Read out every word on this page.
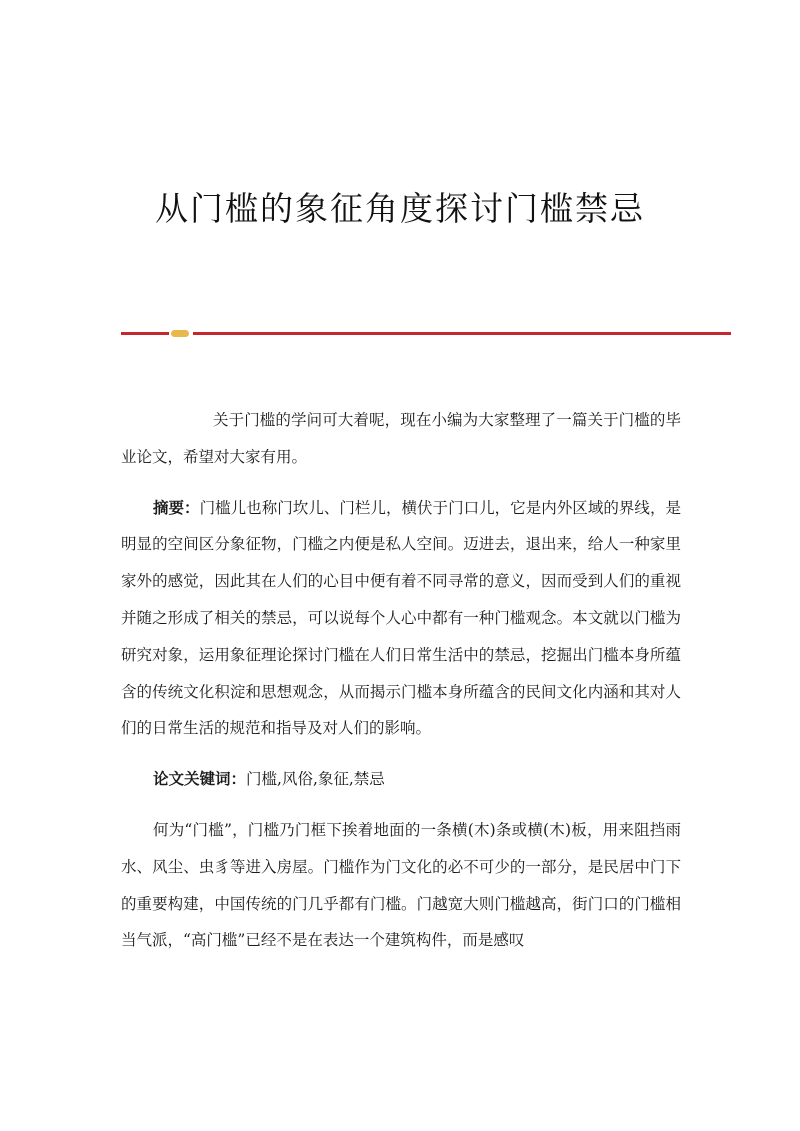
从门槛的象征角度探讨门槛禁忌

关于门槛的学问可大着呢，现在小编为大家整理了一篇关于门槛的毕业论文，希望对大家有用。

摘要：门槛儿也称门坎儿、门栏儿，横伏于门口儿，它是内外区域的界线，是明显的空间区分象征物，门槛之内便是私人空间。迈进去，退出来，给人一种家里家外的感觉，因此其在人们的心目中便有着不同寻常的意义，因而受到人们的重视并随之形成了相关的禁忌，可以说每个人心中都有一种门槛观念。本文就以门槛为研究对象，运用象征理论探讨门槛在人们日常生活中的禁忌，挖掘出门槛本身所蕴含的传统文化积淀和思想观念，从而揭示门槛本身所蕴含的民间文化内涵和其对人们的日常生活的规范和指导及对人们的影响。

论文关键词：门槛,风俗,象征,禁忌

何为“门槛”，门槛乃门框下挨着地面的一条横(木)条或横(木)板，用来阻挡雨水、风尘、虫豸等进入房屋。门槛作为门文化的必不可少的一部分，是民居中门下的重要构建，中国传统的门几乎都有门槛。门越宽大则门槛越高，街门口的门槛相当气派，“高门槛”已经不是在表达一个建筑构件，而是感叹
